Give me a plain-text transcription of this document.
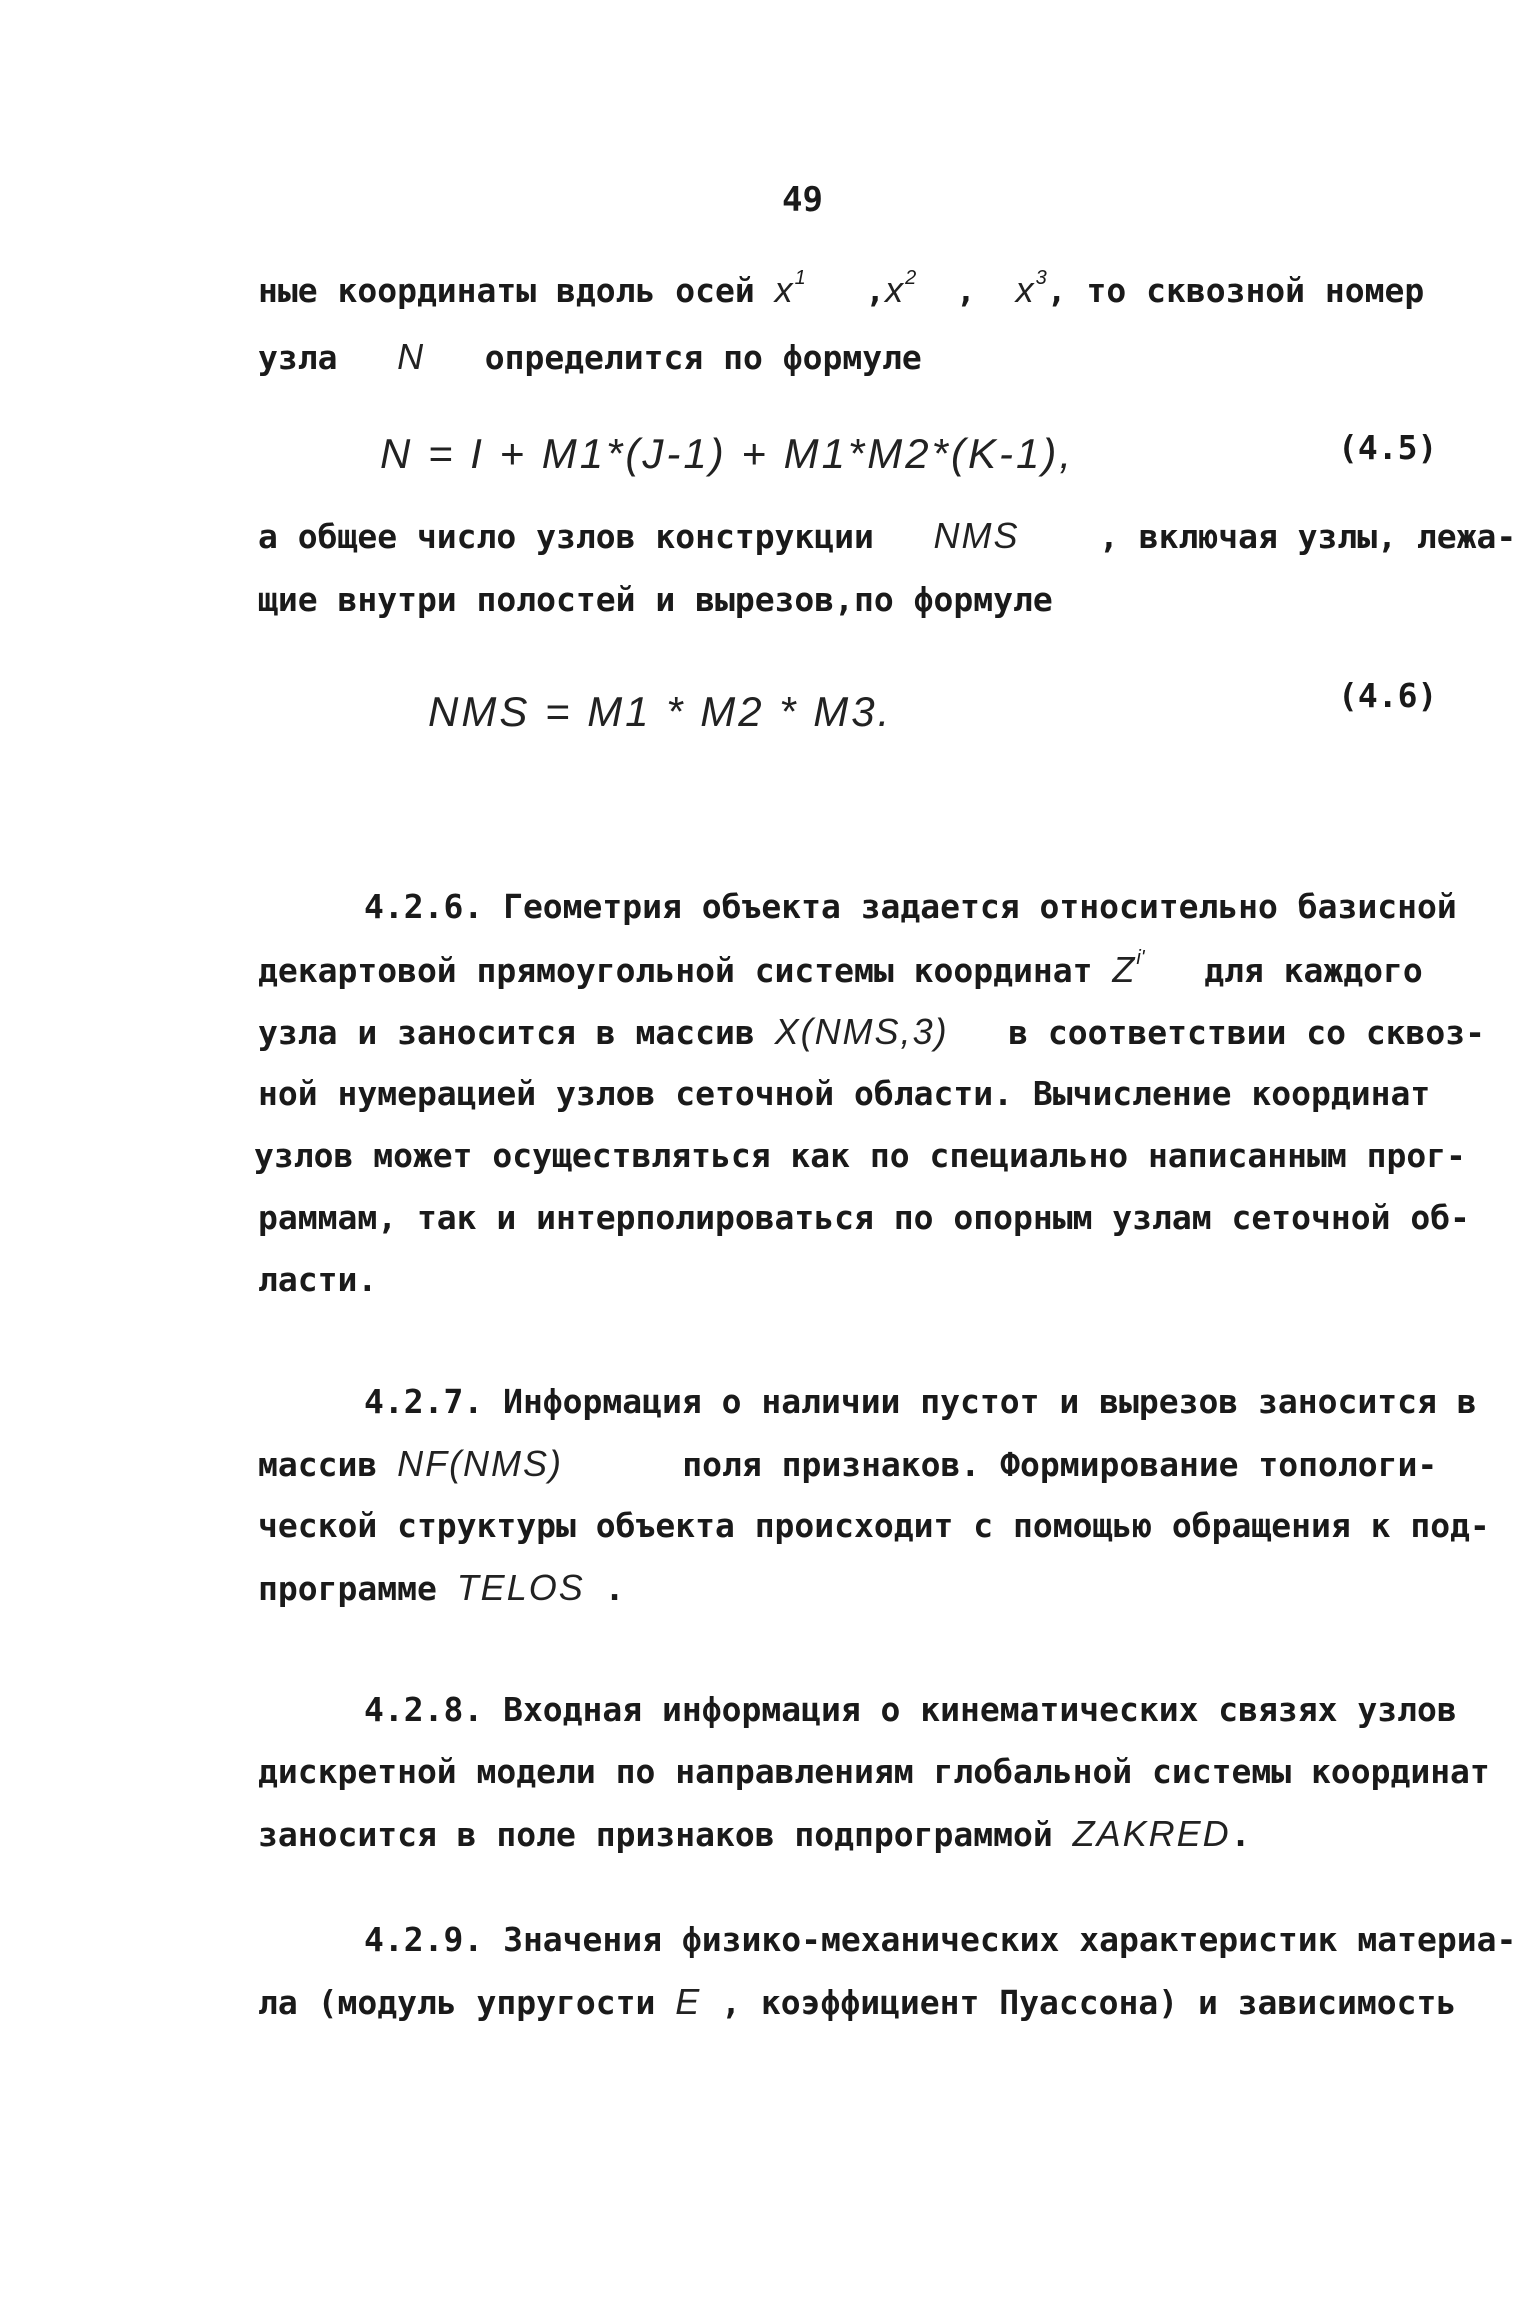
49
ные координаты вдоль осей $x^1$   $,x^2$  ,  $x^3$, то сквозной номер
узла   N   определится по формуле
N = I + M1*(J-1) + M1*M2*(K-1),	(4.5)
а общее число узлов конструкции   NMS , включая узлы, лежа-
щие внутри полостей и вырезов,по формуле
NMS = M1 * M2 * M3.	(4.6)
4.2.6. Геометрия объекта задается относительно базисной
декартовой прямоугольной системы координат $Z^{i'}$   для каждого
узла и заносится в массив X(NMS,3)   в соответствии со сквоз-
ной нумерацией узлов сеточной области. Вычисление координат
узлов может осуществляться как по специально написанным прог-
раммам, так и интерполироваться по опорным узлам сеточной об-
ласти.
4.2.7. Информация о наличии пустот и вырезов заносится в
массив NF(NMS)	поля признаков. Формирование топологи-
ческой структуры объекта происходит с помощью обращения к под-
программе TELOS .
4.2.8. Входная информация о кинематических связях узлов
дискретной модели по направлениям глобальной системы координат
заносится в поле признаков подпрограммой ZAKRED.
4.2.9. Значения физико-механических характеристик материа-
ла (модуль упругости E , коэффициент Пуассона) и зависимость
